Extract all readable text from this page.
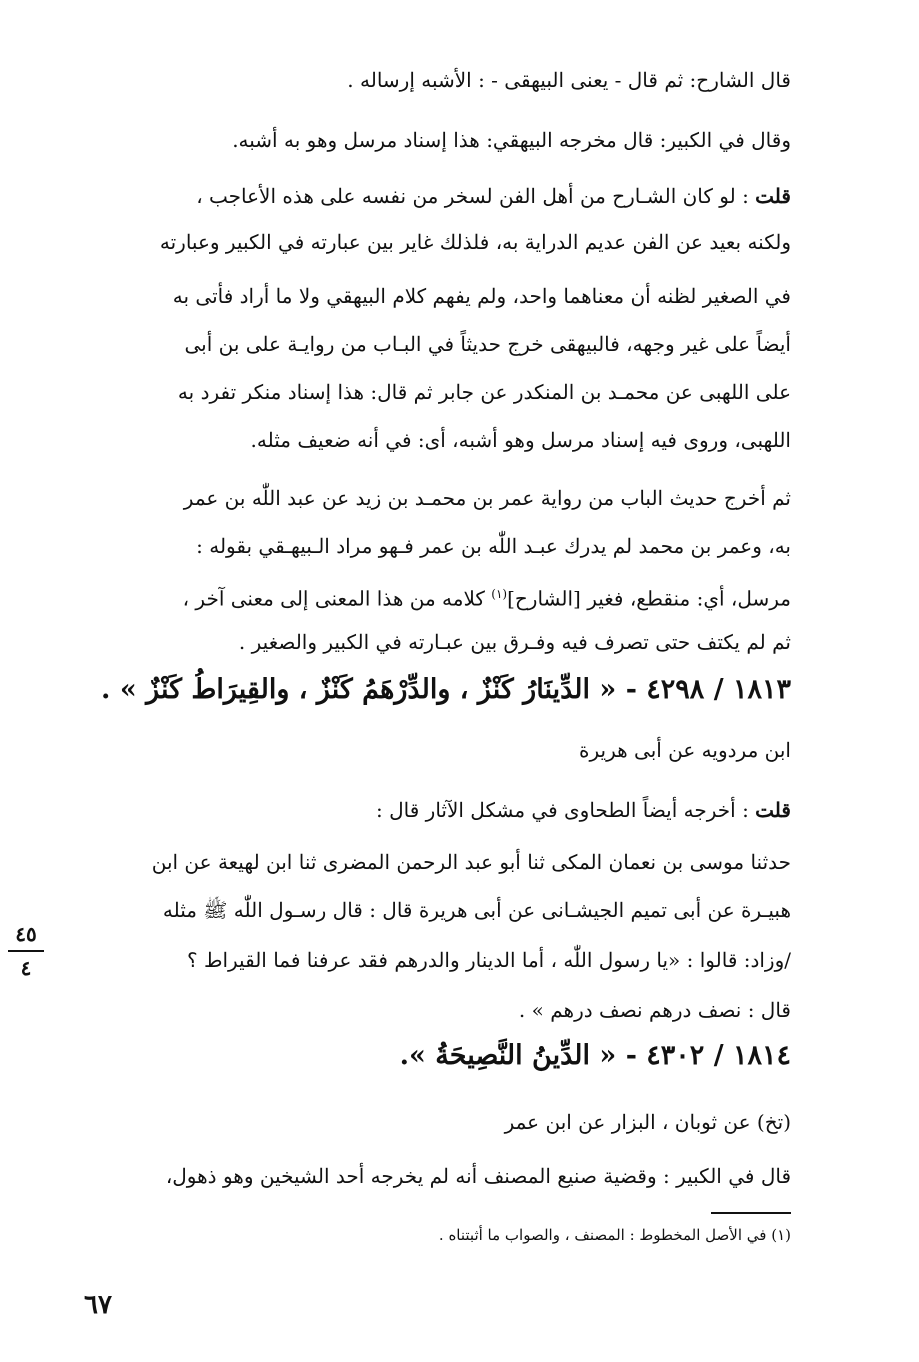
قال الشارح: ثم قال - يعنى البيهقى - : الأشبه إرساله .
وقال في الكبير: قال مخرجه البيهقي: هذا إسناد مرسل وهو به أشبه.
قلت : لو كان الشـارح من أهل الفن لسخر من نفسه على هذه الأعاجب ،
ولكنه بعيد عن الفن عديم الدراية به، فلذلك غاير بين عبارته في الكبير وعبارته
في الصغير لظنه أن معناهما واحد، ولم يفهم كلام البيهقي ولا ما أراد فأتى به
أيضاً على غير وجهه، فالبيهقى خرج حديثاً في البـاب من روايـة على بن أبى
على اللهبى عن محمـد بن المنكدر عن جابر ثم قال: هذا إسناد منكر تفرد به
اللهبى، وروى فيه إسناد مرسل وهو أشبه، أى: في أنه ضعيف مثله.
ثم أخرج حديث الباب من رواية عمر بن محمـد بن زيد عن عبد اللّٰه بن عمر
به، وعمر بن محمد لم يدرك عبـد اللّٰه بن عمر فـهو مراد الـبيهـقي بقوله :
مرسل، أي: منقطع، فغير [الشارح]$^{(١)}$ كلامه من هذا المعنى إلى معنى آخر ،
ثم لم يكتف حتى تصرف فيه وفـرق بين عبـارته في الكبير والصغير .
١٨١٣ / ٤٢٩٨ - « الدِّينَارُ كَنْزٌ ، والدِّرْهَمُ كَنْزٌ ، والقِيرَاطُ كَنْزٌ » .
ابن مردويه عن أبى هريرة
قلت : أخرجه أيضاً الطحاوى في مشكل الآثار قال :
حدثنا موسى بن نعمان المكى ثنا أبو عبد الرحمن المضرى ثنا ابن لهيعة عن ابن
هبيـرة عن أبى تميم الجيشـانى عن أبى هريرة قال : قال رسـول اللّٰه ﷺ مثله
/وزاد: قالوا : «يا رسول اللّٰه ، أما الدينار والدرهم فقد عرفنا فما القيراط ؟
قال : نصف درهم نصف درهم » .
١٨١٤ / ٤٣٠٢ - « الدِّينُ النَّصِيحَةُ ».
(تخ) عن ثوبان ، البزار عن ابن عمر
قال في الكبير : وقضية صنيع المصنف أنه لم يخرجه أحد الشيخين وهو ذهول،
٤٥
٤
(١) في الأصل المخطوط : المصنف ، والصواب ما أثبتناه .
٦٧
